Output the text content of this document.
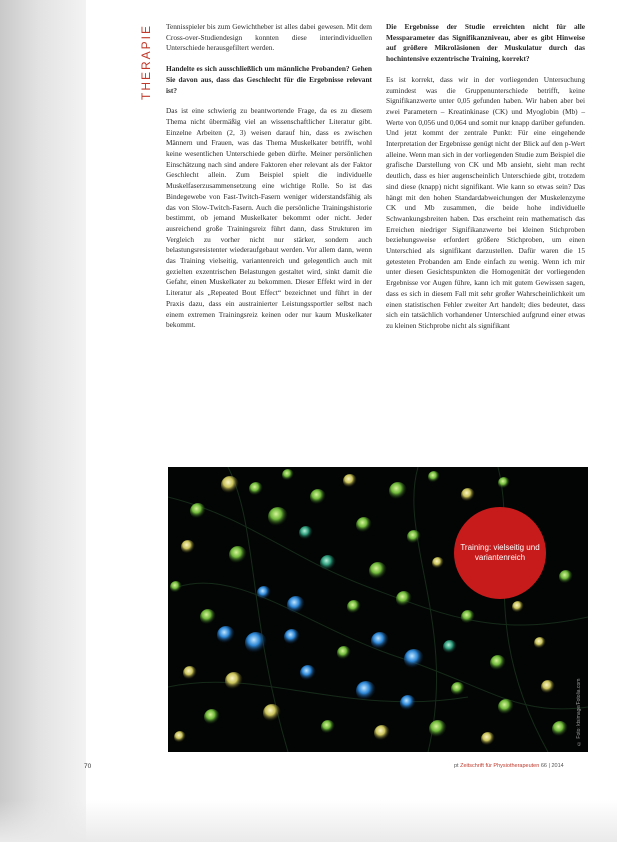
THERAPIE	Tennisspieler bis zum Gewichtheber ist alles dabei gewesen. Mit dem Cross-over-Studiendesign konnten diese interindividuellen Unterschiede herausgefiltert werden.

Handelte es sich ausschließlich um männliche Probanden? Gehen Sie davon aus, dass das Geschlecht für die Ergebnisse relevant ist?

Das ist eine schwierig zu beantwortende Frage, da es zu diesem Thema nicht übermäßig viel an wissenschaftlicher Literatur gibt. Einzelne Arbeiten (2, 3) weisen darauf hin, dass es zwischen Männern und Frauen, was das Thema Muskelkater betrifft, wohl keine wesentlichen Unterschiede geben dürfte. Meiner persönlichen Einschätzung nach sind andere Faktoren eher relevant als der Faktor Geschlecht allein. Zum Beispiel spielt die individuelle Muskelfaserzusammensetzung eine wichtige Rolle. So ist das Bindegewebe von Fast-Twitch-Fasern weniger widerstandsfähig als das von Slow-Twitch-Fasern. Auch die persönliche Trainingshistorie bestimmt, ob jemand Muskelkater bekommt oder nicht. Jeder ausreichend große Trainingsreiz führt dann, dass Strukturen im Vergleich zu vorher nicht nur stärker, sondern auch belastungsresistenter wiederaufgebaut werden. Vor allem dann, wenn das Training vielseitig, variantenreich und gelegentlich auch mit gezielten exzentrischen Belastungen gestaltet wird, sinkt damit die Gefahr, einen Muskelkater zu bekommen. Dieser Effekt wird in der Literatur als „Repeated Bout Effect“ bezeichnet und führt in der Praxis dazu, dass ein austrainierter Leistungssportler selbst nach einem extremen Trainingsreiz keinen oder nur kaum Muskelkater bekommt.

Die Ergebnisse der Studie erreichten nicht für alle Messparameter das Signifikanzniveau, aber es gibt Hinweise auf größere Mikroläsionen der Muskulatur durch das hochintensive exzentrische Training, korrekt?

Es ist korrekt, dass wir in der vorliegenden Untersuchung zumindest was die Gruppenunterschiede betrifft, keine Signifikanzwerte unter 0,05 gefunden haben. Wir haben aber bei zwei Parametern – Kreatinkinase (CK) und Myoglobin (Mb) – Werte von 0,056 und 0,064 und somit nur knapp darüber gefunden. Und jetzt kommt der zentrale Punkt: Für eine eingehende Interpretation der Ergebnisse genügt nicht der Blick auf den p-Wert alleine. Wenn man sich in der vorliegenden Studie zum Beispiel die grafische Darstellung von CK und Mb ansieht, sieht man recht deutlich, dass es hier augenscheinlich Unterschiede gibt, trotzdem sind diese (knapp) nicht signifikant. Wie kann so etwas sein? Das hängt mit den hohen Standardabweichungen der Muskelenzyme CK und Mb zusammen, die beide hohe individuelle Schwankungsbreiten haben. Das erscheint rein mathematisch das Erreichen niedriger Signifikanzwerte bei kleinen Stichproben beziehungsweise erfordert größere Stichproben, um einen Unterschied als signifikant darzustellen. Dafür waren die 15 getesteten Probanden am Ende einfach zu wenig. Wenn ich mir unter diesen Gesichtspunkten die Homogenität der vorliegenden Ergebnisse vor Augen führe, kann ich mit gutem Gewissen sagen, dass es sich in diesem Fall mit sehr großer Wahrscheinlichkeit um einen statistischen Fehler zweiter Art handelt; dies bedeutet, dass sich ein tatsächlich vorhandener Unterschied aufgrund einer etwas zu kleinen Stichprobe nicht als signifikant

Training: vielseitig und variantenreich
© Foto: ktsimage/Fotolia.com
70	pt Zeitschrift für Physiotherapeuten 66 | 2014
